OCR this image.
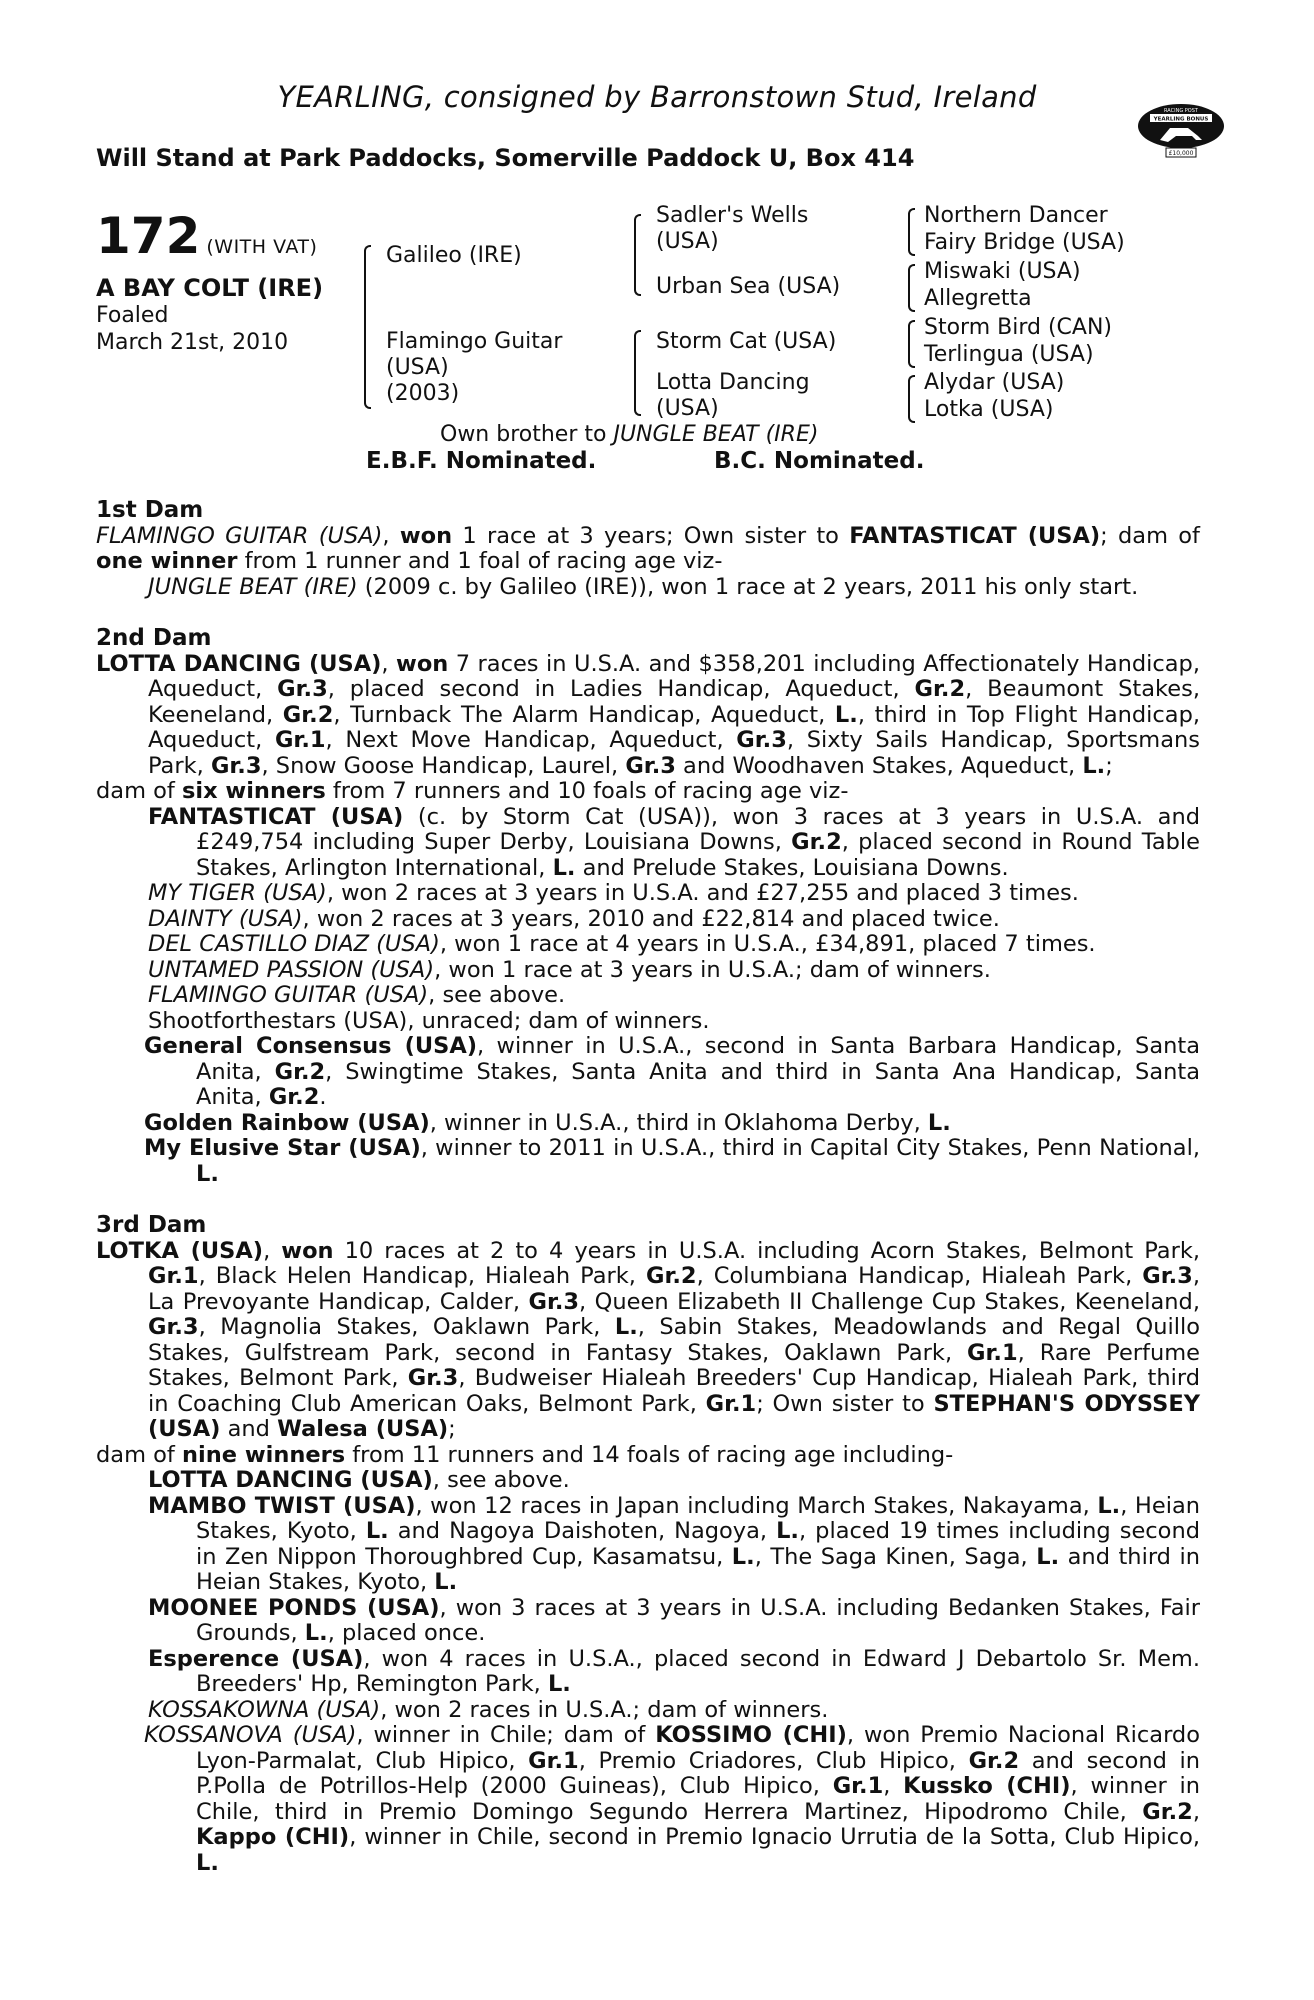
YEARLING, consigned by Barronstown Stud, Ireland
Will Stand at Park Paddocks, Somerville Paddock U, Box 414
RACING POST
YEARLING BONUS
£10,000
172 (WITH VAT)
A BAY COLT (IRE)
Foaled
March 21st, 2010
Galileo (IRE)
Flamingo Guitar
(USA)
(2003)
Sadler's Wells
(USA)
Urban Sea (USA)
Storm Cat (USA)
Lotta Dancing
(USA)
Northern Dancer
Fairy Bridge (USA)
Miswaki (USA)
Allegretta
Storm Bird (CAN)
Terlingua (USA)
Alydar (USA)
Lotka (USA)
Own brother to JUNGLE BEAT (IRE)
E.B.F. Nominated.	B.C. Nominated.
1st Dam

FLAMINGO GUITAR (USA), won 1 race at 3 years; Own sister to FANTASTICAT (USA); dam of one winner from 1 runner and 1 foal of racing age viz-

JUNGLE BEAT (IRE) (2009 c. by Galileo (IRE)), won 1 race at 2 years, 2011 his only start.

2nd Dam

LOTTA DANCING (USA), won 7 races in U.S.A. and $358,201 including Affectionately Handicap, Aqueduct, Gr.3, placed second in Ladies Handicap, Aqueduct, Gr.2, Beaumont Stakes, Keeneland, Gr.2, Turnback The Alarm Handicap, Aqueduct, L., third in Top Flight Handicap, Aqueduct, Gr.1, Next Move Handicap, Aqueduct, Gr.3, Sixty Sails Handicap, Sportsmans Park, Gr.3, Snow Goose Handicap, Laurel, Gr.3 and Woodhaven Stakes, Aqueduct, L.;

dam of six winners from 7 runners and 10 foals of racing age viz-

FANTASTICAT (USA) (c. by Storm Cat (USA)), won 3 races at 3 years in U.S.A. and £249,754 including Super Derby, Louisiana Downs, Gr.2, placed second in Round Table Stakes, Arlington International, L. and Prelude Stakes, Louisiana Downs.

MY TIGER (USA), won 2 races at 3 years in U.S.A. and £27,255 and placed 3 times.

DAINTY (USA), won 2 races at 3 years, 2010 and £22,814 and placed twice.

DEL CASTILLO DIAZ (USA), won 1 race at 4 years in U.S.A., £34,891, placed 7 times.

UNTAMED PASSION (USA), won 1 race at 3 years in U.S.A.; dam of winners.

FLAMINGO GUITAR (USA), see above.

Shootforthestars (USA), unraced; dam of winners.

General Consensus (USA), winner in U.S.A., second in Santa Barbara Handicap, Santa Anita, Gr.2, Swingtime Stakes, Santa Anita and third in Santa Ana Handicap, Santa Anita, Gr.2.

Golden Rainbow (USA), winner in U.S.A., third in Oklahoma Derby, L.

My Elusive Star (USA), winner to 2011 in U.S.A., third in Capital City Stakes, Penn National, L.

3rd Dam

LOTKA (USA), won 10 races at 2 to 4 years in U.S.A. including Acorn Stakes, Belmont Park, Gr.1, Black Helen Handicap, Hialeah Park, Gr.2, Columbiana Handicap, Hialeah Park, Gr.3, La Prevoyante Handicap, Calder, Gr.3, Queen Elizabeth II Challenge Cup Stakes, Keeneland, Gr.3, Magnolia Stakes, Oaklawn Park, L., Sabin Stakes, Meadowlands and Regal Quillo Stakes, Gulfstream Park, second in Fantasy Stakes, Oaklawn Park, Gr.1, Rare Perfume Stakes, Belmont Park, Gr.3, Budweiser Hialeah Breeders' Cup Handicap, Hialeah Park, third in Coaching Club American Oaks, Belmont Park, Gr.1; Own sister to STEPHAN'S ODYSSEY (USA) and Walesa (USA);

dam of nine winners from 11 runners and 14 foals of racing age including-

LOTTA DANCING (USA), see above.

MAMBO TWIST (USA), won 12 races in Japan including March Stakes, Nakayama, L., Heian Stakes, Kyoto, L. and Nagoya Daishoten, Nagoya, L., placed 19 times including second in Zen Nippon Thoroughbred Cup, Kasamatsu, L., The Saga Kinen, Saga, L. and third in Heian Stakes, Kyoto, L.

MOONEE PONDS (USA), won 3 races at 3 years in U.S.A. including Bedanken Stakes, Fair Grounds, L., placed once.

Esperence (USA), won 4 races in U.S.A., placed second in Edward J Debartolo Sr. Mem. Breeders' Hp, Remington Park, L.

KOSSAKOWNA (USA), won 2 races in U.S.A.; dam of winners.

KOSSANOVA (USA), winner in Chile; dam of KOSSIMO (CHI), won Premio Nacional Ricardo Lyon-Parmalat, Club Hipico, Gr.1, Premio Criadores, Club Hipico, Gr.2 and second in P.Polla de Potrillos-Help (2000 Guineas), Club Hipico, Gr.1, Kussko (CHI), winner in Chile, third in Premio Domingo Segundo Herrera Martinez, Hipodromo Chile, Gr.2, Kappo (CHI), winner in Chile, second in Premio Ignacio Urrutia de la Sotta, Club Hipico, L.
